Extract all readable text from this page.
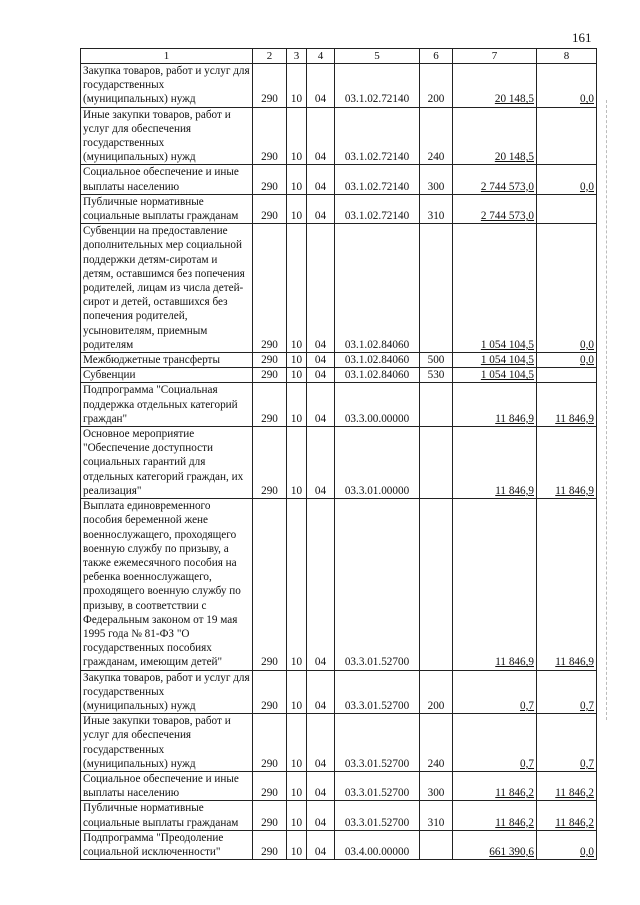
161
1	2	3	4	5	6	7	8
Закупка товаров, работ и услуг для государственных (муниципальных) нужд	290	10	04	03.1.02.72140	200	20 148,5	0,0
Иные закупки товаров, работ и услуг для обеспечения государственных (муниципальных) нужд	290	10	04	03.1.02.72140	240	20 148,5	
Социальное обеспечение и иные выплаты населению	290	10	04	03.1.02.72140	300	2 744 573,0	0,0
Публичные нормативные социальные выплаты гражданам	290	10	04	03.1.02.72140	310	2 744 573,0	
Субвенции на предоставление дополнительных мер социальной поддержки детям-сиротам и детям, оставшимся без попечения родителей, лицам из числа детей-сирот и детей, оставшихся без попечения родителей, усыновителям, приемным родителям	290	10	04	03.1.02.84060		1 054 104,5	0,0
Межбюджетные трансферты	290	10	04	03.1.02.84060	500	1 054 104,5	0,0
Субвенции	290	10	04	03.1.02.84060	530	1 054 104,5	
Подпрограмма "Социальная поддержка отдельных категорий граждан"	290	10	04	03.3.00.00000		11 846,9	11 846,9
Основное мероприятие "Обеспечение доступности социальных гарантий для отдельных категорий граждан, их реализация"	290	10	04	03.3.01.00000		11 846,9	11 846,9
Выплата единовременного пособия беременной жене военнослужащего, проходящего военную службу по призыву, а также ежемесячного пособия на ребенка военнослужащего, проходящего военную службу по призыву, в соответствии с Федеральным законом от 19 мая 1995 года № 81-ФЗ "О государственных пособиях гражданам, имеющим детей"	290	10	04	03.3.01.52700		11 846,9	11 846,9
Закупка товаров, работ и услуг для государственных (муниципальных) нужд	290	10	04	03.3.01.52700	200	0,7	0,7
Иные закупки товаров, работ и услуг для обеспечения государственных (муниципальных) нужд	290	10	04	03.3.01.52700	240	0,7	0,7
Социальное обеспечение и иные выплаты населению	290	10	04	03.3.01.52700	300	11 846,2	11 846,2
Публичные нормативные социальные выплаты гражданам	290	10	04	03.3.01.52700	310	11 846,2	11 846,2
Подпрограмма "Преодоление социальной исключенности"	290	10	04	03.4.00.00000		661 390,6	0,0
